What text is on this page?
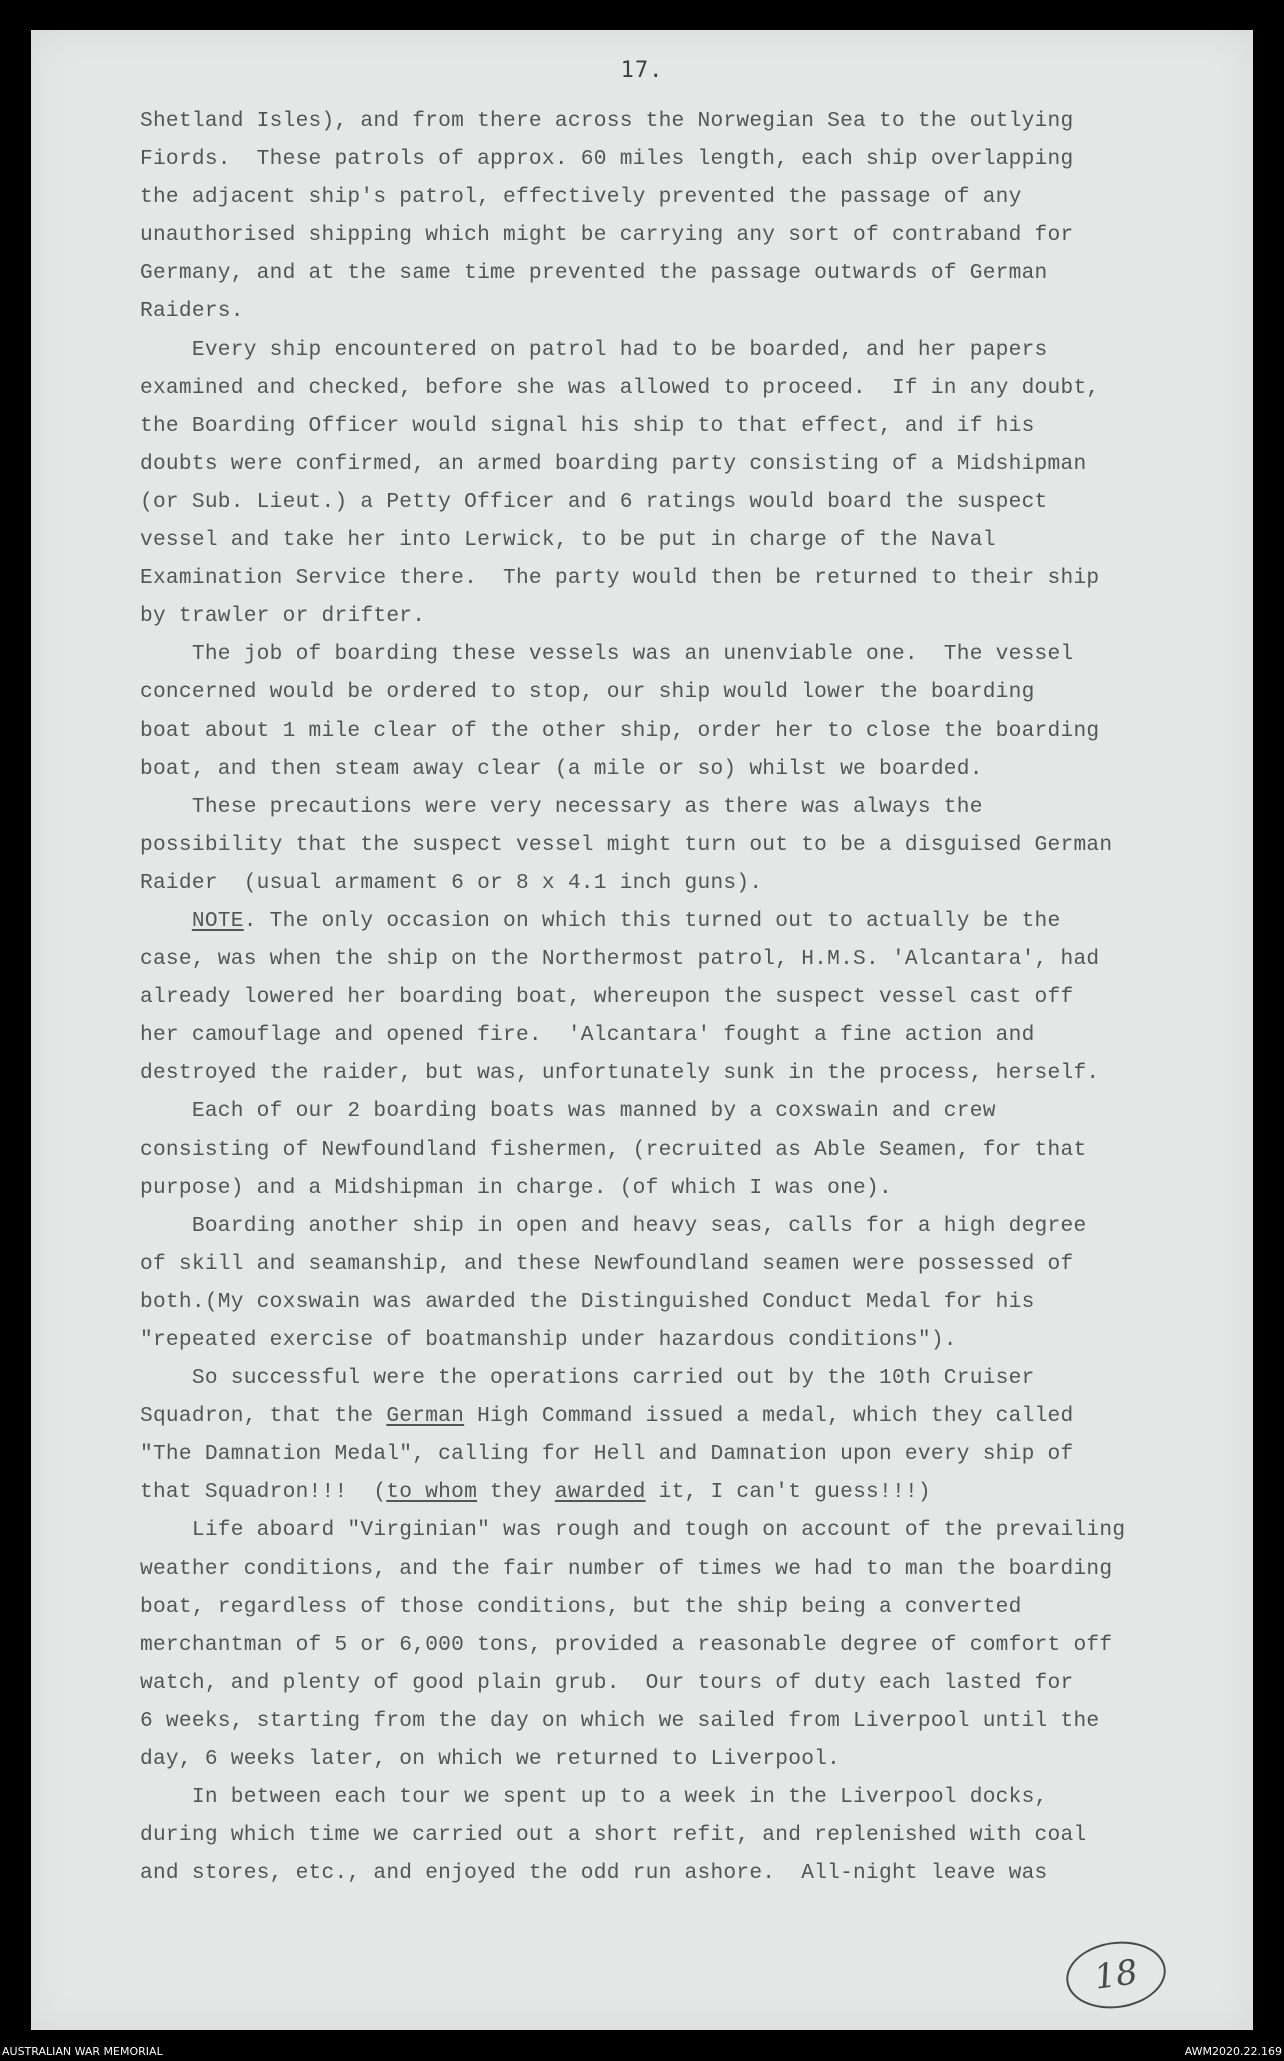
17.
Shetland Isles), and from there across the Norwegian Sea to the outlying
Fiords.  These patrols of approx. 60 miles length, each ship overlapping
the adjacent ship's patrol, effectively prevented the passage of any
unauthorised shipping which might be carrying any sort of contraband for
Germany, and at the same time prevented the passage outwards of German
Raiders.
Every ship encountered on patrol had to be boarded, and her papers
examined and checked, before she was allowed to proceed.  If in any doubt,
the Boarding Officer would signal his ship to that effect, and if his
doubts were confirmed, an armed boarding party consisting of a Midshipman
(or Sub. Lieut.) a Petty Officer and 6 ratings would board the suspect
vessel and take her into Lerwick, to be put in charge of the Naval
Examination Service there.  The party would then be returned to their ship
by trawler or drifter.
The job of boarding these vessels was an unenviable one.  The vessel
concerned would be ordered to stop, our ship would lower the boarding
boat about 1 mile clear of the other ship, order her to close the boarding
boat, and then steam away clear (a mile or so) whilst we boarded.
These precautions were very necessary as there was always the
possibility that the suspect vessel might turn out to be a disguised German
Raider  (usual armament 6 or 8 x 4.1 inch guns).
NOTE. The only occasion on which this turned out to actually be the
case, was when the ship on the Northermost patrol, H.M.S. 'Alcantara', had
already lowered her boarding boat, whereupon the suspect vessel cast off
her camouflage and opened fire.  'Alcantara' fought a fine action and
destroyed the raider, but was, unfortunately sunk in the process, herself.
Each of our 2 boarding boats was manned by a coxswain and crew
consisting of Newfoundland fishermen, (recruited as Able Seamen, for that
purpose) and a Midshipman in charge. (of which I was one).
Boarding another ship in open and heavy seas, calls for a high degree
of skill and seamanship, and these Newfoundland seamen were possessed of
both.(My coxswain was awarded the Distinguished Conduct Medal for his
"repeated exercise of boatmanship under hazardous conditions").
So successful were the operations carried out by the 10th Cruiser
Squadron, that the German High Command issued a medal, which they called
"The Damnation Medal", calling for Hell and Damnation upon every ship of
that Squadron!!!  (to whom they awarded it, I can't guess!!!)
Life aboard "Virginian" was rough and tough on account of the prevailing
weather conditions, and the fair number of times we had to man the boarding
boat, regardless of those conditions, but the ship being a converted
merchantman of 5 or 6,000 tons, provided a reasonable degree of comfort off
watch, and plenty of good plain grub.  Our tours of duty each lasted for
6 weeks, starting from the day on which we sailed from Liverpool until the
day, 6 weeks later, on which we returned to Liverpool.
In between each tour we spent up to a week in the Liverpool docks,
during which time we carried out a short refit, and replenished with coal
and stores, etc., and enjoyed the odd run ashore.  All-night leave was
18
AUSTRALIAN WAR MEMORIAL	AWM2020.22.169
